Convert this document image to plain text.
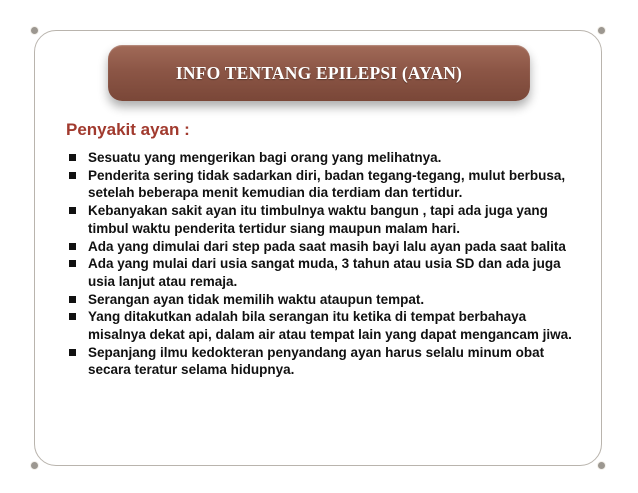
INFO TENTANG EPILEPSI (AYAN)
Penyakit ayan :
Sesuatu yang mengerikan bagi orang yang melihatnya.
Penderita sering tidak sadarkan diri, badan tegang-tegang, mulut berbusa, setelah beberapa menit kemudian dia terdiam dan tertidur.
Kebanyakan sakit ayan itu timbulnya waktu bangun , tapi ada juga yang timbul waktu penderita tertidur siang maupun malam hari.
Ada yang dimulai dari step pada saat masih bayi lalu ayan pada saat balita
Ada yang mulai dari usia sangat muda, 3 tahun atau usia SD dan ada juga usia lanjut atau remaja.
Serangan ayan tidak memilih waktu ataupun tempat.
Yang ditakutkan adalah bila serangan itu ketika di tempat berbahaya misalnya dekat api, dalam air atau tempat lain yang dapat mengancam jiwa.
Sepanjang ilmu kedokteran penyandang ayan harus selalu minum obat secara teratur selama hidupnya.
